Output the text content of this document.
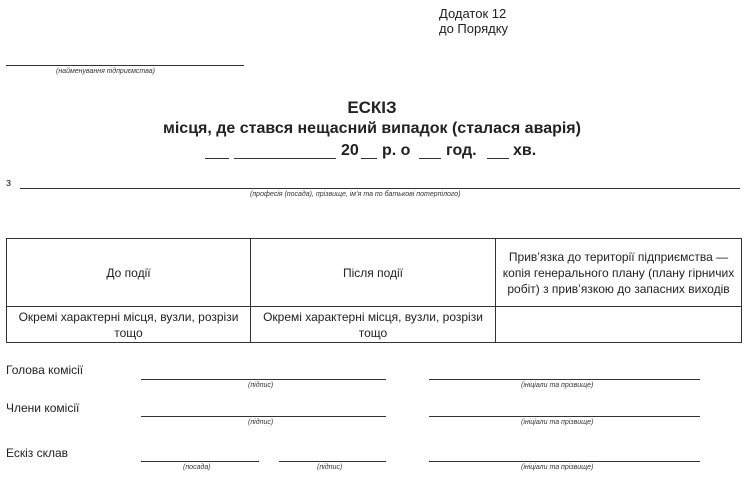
Додаток 12
до Порядку
(найменування підприємства)
ЕСКІЗ
місця, де стався нещасний випадок (сталася аварія)
20 р. о год. хв.
з
(професія (посада), прізвище, ім’я та по батькові потерпілого)
До події	Після події	Прив’язка до території підприємства — копія генерального плану (плану гірничих робіт) з прив’язкою до запасних виходів
Окремі характерні місця, вузли, розрізи тощо	Окремі характерні місця, вузли, розрізи тощо	
Голова комісії
(підпис)	(ініціали та прізвище)
Члени комісії
(підпис)	(ініціали та прізвище)
Ескіз склав
(посада)	(підпис)	(ініціали та прізвище)
